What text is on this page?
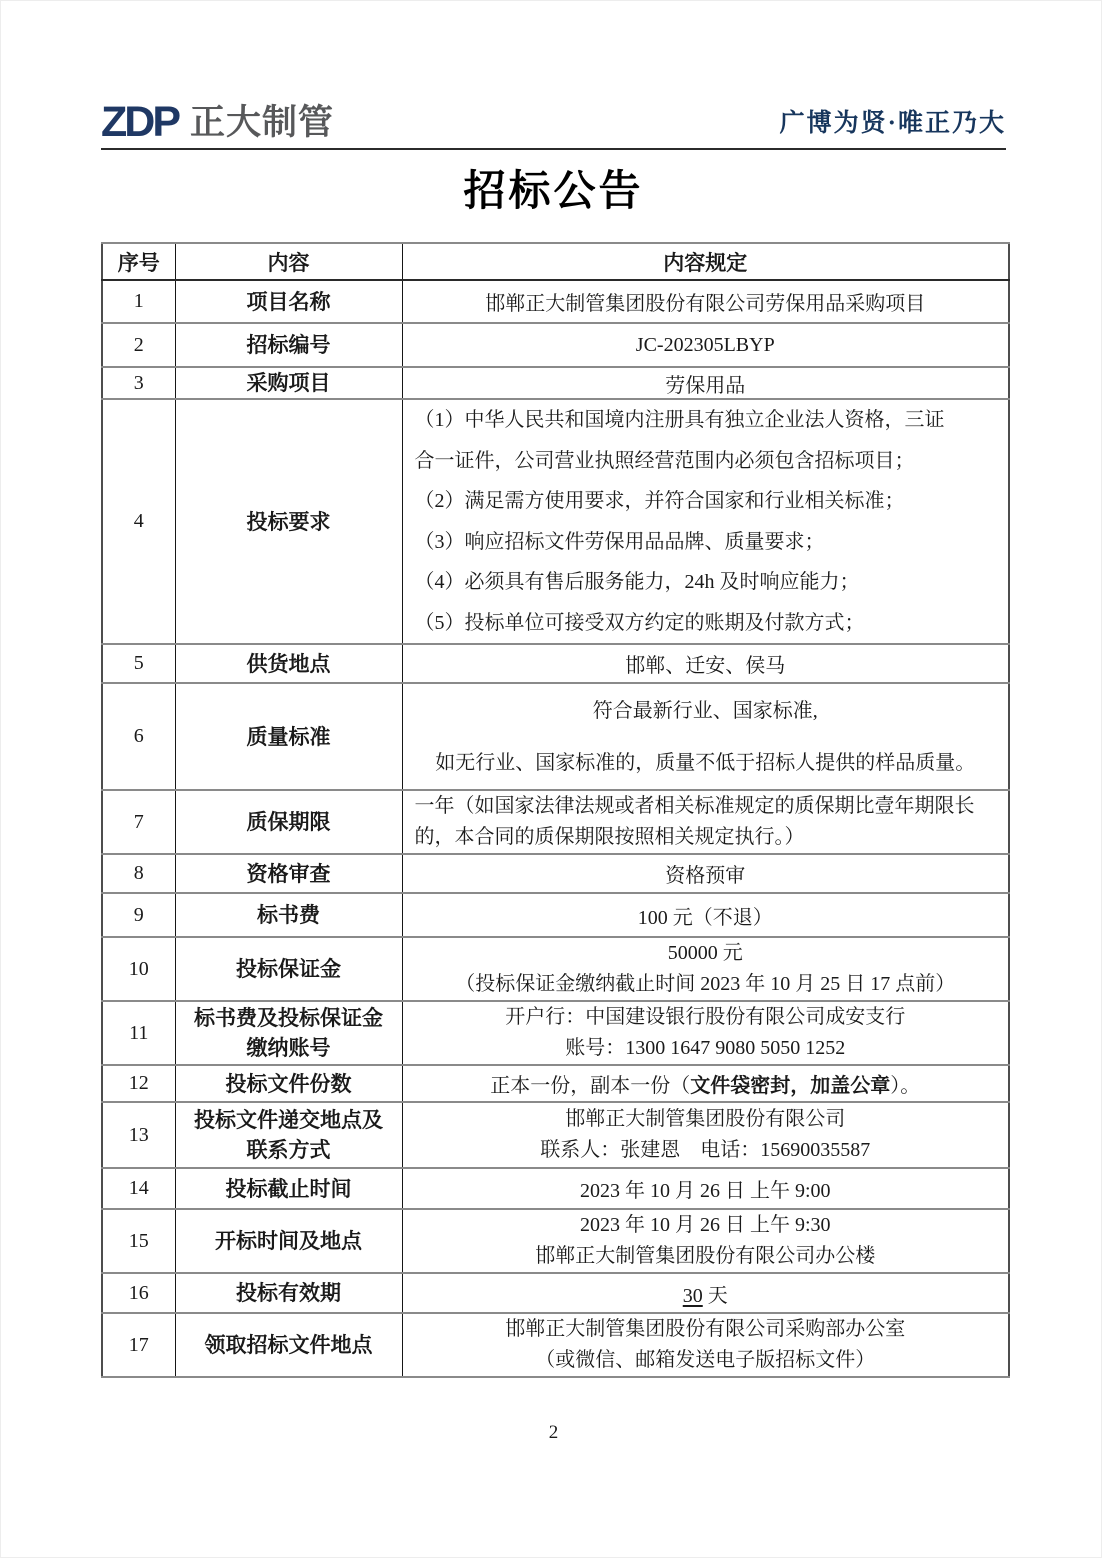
ZDP 正大制管	广博为贤·唯正乃大
招标公告
序号	内容	内容规定
1	项目名称	邯郸正大制管集团股份有限公司劳保用品采购项目
2	招标编号	JC-202305LBYP
3	采购项目	劳保用品
4	投标要求	
（1）中华人民共和国境内注册具有独立企业法人资格，三证
合一证件，公司营业执照经营范围内必须包含招标项目；
（2）满足需方使用要求，并符合国家和行业相关标准；
（3）响应招标文件劳保用品品牌、质量要求；
（4）必须具有售后服务能力，24h 及时响应能力；
（5）投标单位可接受双方约定的账期及付款方式；

5	供货地点	邯郸、迁安、侯马
6	质量标准	符合最新行业、国家标准,
如无行业、国家标准的，质量不低于招标人提供的样品质量。

7	质保期限	一年（如国家法律法规或者相关标准规定的质保期比壹年期限长的，本合同的质保期限按照相关规定执行。）
8	资格审查	资格预审
9	标书费	100 元（不退）
10	投标保证金	50000 元
（投标保证金缴纳截止时间 2023 年 10 月 25 日 17 点前）

11	标书费及投标保证金缴纳账号	开户行：中国建设银行股份有限公司成安支行
账号：1300 1647 9080 5050 1252

12	投标文件份数	正本一份，副本一份（文件袋密封，加盖公章）。
13	投标文件递交地点及联系方式	邯郸正大制管集团股份有限公司
联系人：张建恩　电话：15690035587

14	投标截止时间	2023 年 10 月 26 日 上午 9:00
15	开标时间及地点	2023 年 10 月 26 日 上午 9:30
邯郸正大制管集团股份有限公司办公楼

16	投标有效期	30 天
17	领取招标文件地点	邯郸正大制管集团股份有限公司采购部办公室
（或微信、邮箱发送电子版招标文件）
2
